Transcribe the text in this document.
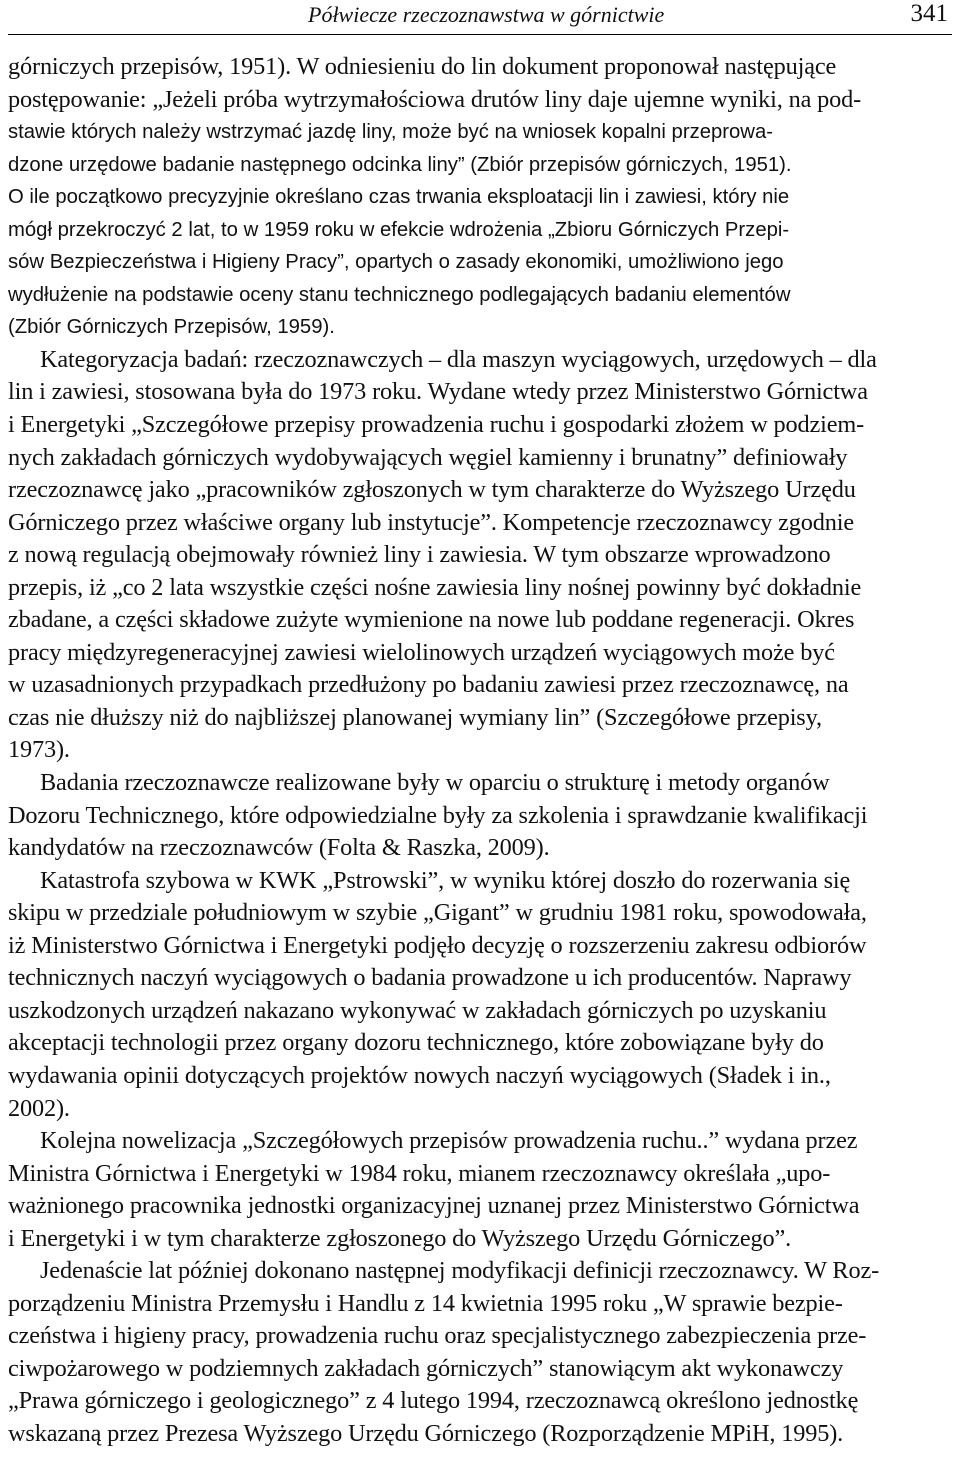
Półwiecze rzeczoznawstwa w górnictwie	341
górniczych przepisów, 1951). W odniesieniu do lin dokument proponował następujące
postępowanie: „Jeżeli próba wytrzymałościowa drutów liny daje ujemne wyniki, na pod-
stawie których należy wstrzymać jazdę liny, może być na wniosek kopalni przeprowa-
dzone urzędowe badanie następnego odcinka liny” (Zbiór przepisów górniczych, 1951).
O ile początkowo precyzyjnie określano czas trwania eksploatacji lin i zawiesi, który nie
mógł przekroczyć 2 lat, to w 1959 roku w efekcie wdrożenia „Zbioru Górniczych Przepi-
sów Bezpieczeństwa i Higieny Pracy”, opartych o zasady ekonomiki, umożliwiono jego
wydłużenie na podstawie oceny stanu technicznego podlegających badaniu elementów
(Zbiór Górniczych Przepisów, 1959).
Kategoryzacja badań: rzeczoznawczych – dla maszyn wyciągowych, urzędowych – dla
lin i zawiesi, stosowana była do 1973 roku. Wydane wtedy przez Ministerstwo Górnictwa
i Energetyki „Szczegółowe przepisy prowadzenia ruchu i gospodarki złożem w podziem-
nych zakładach górniczych wydobywających węgiel kamienny i brunatny” definiowały
rzeczoznawcę jako „pracowników zgłoszonych w tym charakterze do Wyższego Urzędu
Górniczego przez właściwe organy lub instytucje”. Kompetencje rzeczoznawcy zgodnie
z nową regulacją obejmowały również liny i zawiesia. W tym obszarze wprowadzono
przepis, iż „co 2 lata wszystkie części nośne zawiesia liny nośnej powinny być dokładnie
zbadane, a części składowe zużyte wymienione na nowe lub poddane regeneracji. Okres
pracy międzyregeneracyjnej zawiesi wielolinowych urządzeń wyciągowych może być
w uzasadnionych przypadkach przedłużony po badaniu zawiesi przez rzeczoznawcę, na
czas nie dłuższy niż do najbliższej planowanej wymiany lin” (Szczegółowe przepisy,
1973).
Badania rzeczoznawcze realizowane były w oparciu o strukturę i metody organów
Dozoru Technicznego, które odpowiedzialne były za szkolenia i sprawdzanie kwalifikacji
kandydatów na rzeczoznawców (Folta & Raszka, 2009).
Katastrofa szybowa w KWK „Pstrowski”, w wyniku której doszło do rozerwania się
skipu w przedziale południowym w szybie „Gigant” w grudniu 1981 roku, spowodowała,
iż Ministerstwo Górnictwa i Energetyki podjęło decyzję o rozszerzeniu zakresu odbiorów
technicznych naczyń wyciągowych o badania prowadzone u ich producentów. Naprawy
uszkodzonych urządzeń nakazano wykonywać w zakładach górniczych po uzyskaniu
akceptacji technologii przez organy dozoru technicznego, które zobowiązane były do
wydawania opinii dotyczących projektów nowych naczyń wyciągowych (Sładek i in.,
2002).
Kolejna nowelizacja „Szczegółowych przepisów prowadzenia ruchu..” wydana przez
Ministra Górnictwa i Energetyki w 1984 roku, mianem rzeczoznawcy określała „upo-
ważnionego pracownika jednostki organizacyjnej uznanej przez Ministerstwo Górnictwa
i Energetyki i w tym charakterze zgłoszonego do Wyższego Urzędu Górniczego”.
Jedenaście lat później dokonano następnej modyfikacji definicji rzeczoznawcy. W Roz-
porządzeniu Ministra Przemysłu i Handlu z 14 kwietnia 1995 roku „W sprawie bezpie-
czeństwa i higieny pracy, prowadzenia ruchu oraz specjalistycznego zabezpieczenia prze-
ciwpożarowego w podziemnych zakładach górniczych” stanowiącym akt wykonawczy
„Prawa górniczego i geologicznego” z 4 lutego 1994, rzeczoznawcą określono jednostkę
wskazaną przez Prezesa Wyższego Urzędu Górniczego (Rozporządzenie MPiH, 1995).
